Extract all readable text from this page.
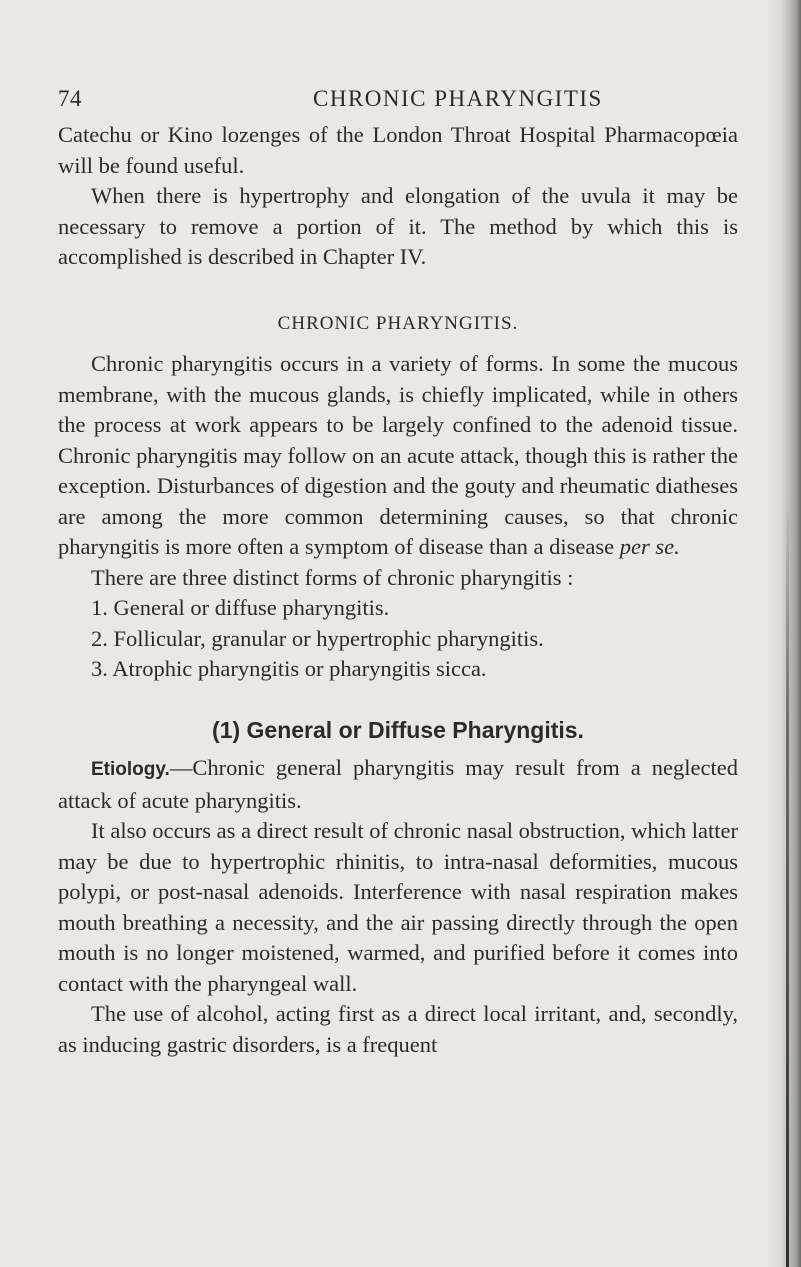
74	CHRONIC PHARYNGITIS

Catechu or Kino lozenges of the London Throat Hospital Pharmacopœia will be found useful.

When there is hypertrophy and elongation of the uvula it may be necessary to remove a portion of it. The method by which this is accomplished is described in Chapter IV.

CHRONIC PHARYNGITIS.

Chronic pharyngitis occurs in a variety of forms. In some the mucous membrane, with the mucous glands, is chiefly implicated, while in others the process at work appears to be largely confined to the adenoid tissue. Chronic pharyngitis may follow on an acute attack, though this is rather the exception. Disturbances of digestion and the gouty and rheumatic diatheses are among the more common determining causes, so that chronic pharyngitis is more often a symptom of disease than a disease per se.

There are three distinct forms of chronic pharyngitis :

1. General or diffuse pharyngitis.
2. Follicular, granular or hypertrophic pharyngitis.
3. Atrophic pharyngitis or pharyngitis sicca.
(1) General or Diffuse Pharyngitis.

Etiology.—Chronic general pharyngitis may result from a neglected attack of acute pharyngitis.

It also occurs as a direct result of chronic nasal obstruction, which latter may be due to hypertrophic rhinitis, to intra-nasal deformities, mucous polypi, or post-nasal adenoids. Interference with nasal respiration makes mouth breathing a necessity, and the air passing directly through the open mouth is no longer moistened, warmed, and purified before it comes into contact with the pharyngeal wall.

The use of alcohol, acting first as a direct local irritant, and, secondly, as inducing gastric disorders, is a frequent
